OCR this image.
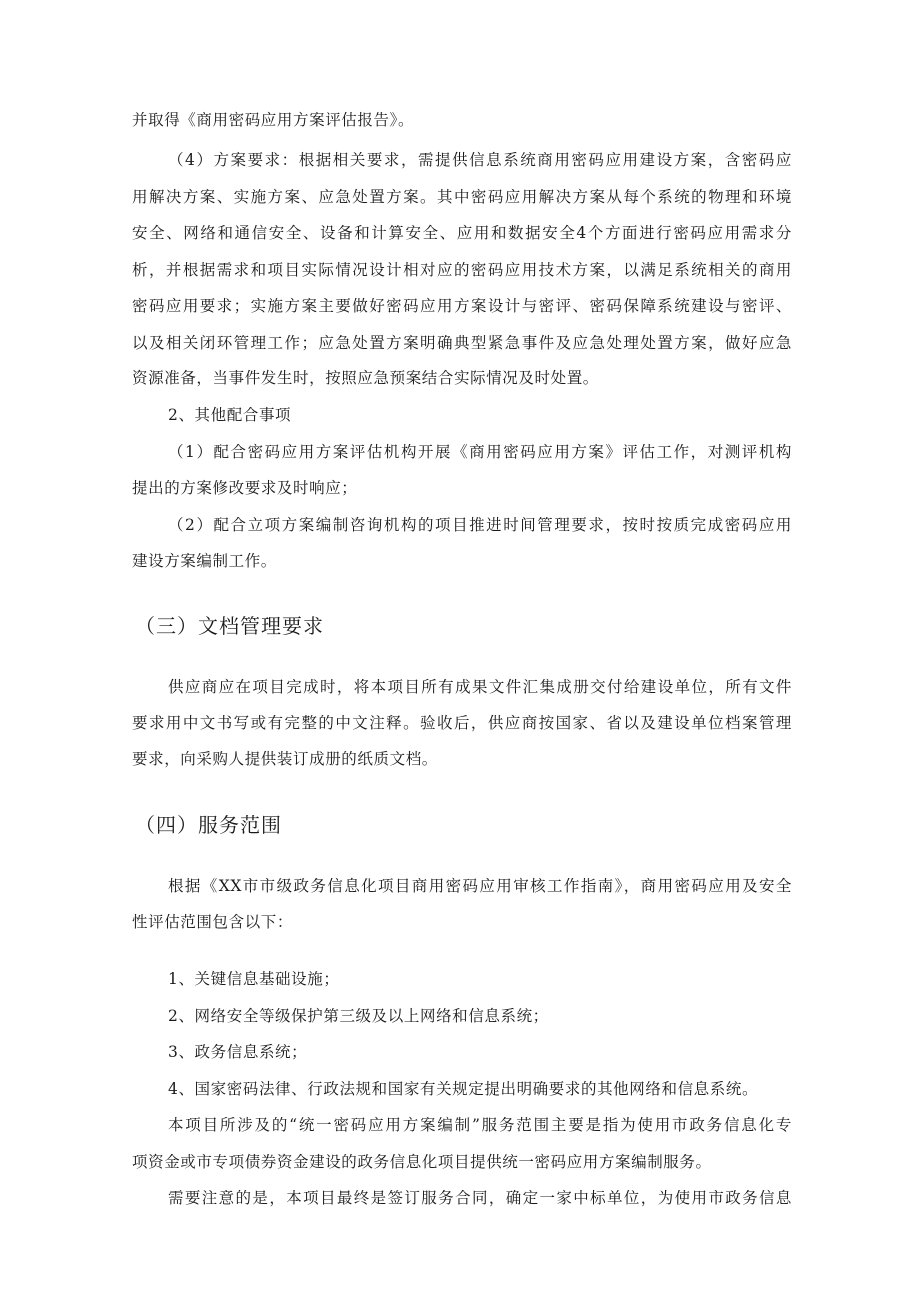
并取得《商用密码应用方案评估报告》。
（4）方案要求：根据相关要求，需提供信息系统商用密码应用建设方案，含密码应
用解决方案、实施方案、应急处置方案。其中密码应用解决方案从每个系统的物理和环境
安全、网络和通信安全、设备和计算安全、应用和数据安全4个方面进行密码应用需求分
析，并根据需求和项目实际情况设计相对应的密码应用技术方案，以满足系统相关的商用
密码应用要求；实施方案主要做好密码应用方案设计与密评、密码保障系统建设与密评、
以及相关闭环管理工作；应急处置方案明确典型紧急事件及应急处理处置方案，做好应急
资源准备，当事件发生时，按照应急预案结合实际情况及时处置。
2、其他配合事项
（1）配合密码应用方案评估机构开展《商用密码应用方案》评估工作，对测评机构
提出的方案修改要求及时响应；
（2）配合立项方案编制咨询机构的项目推进时间管理要求，按时按质完成密码应用
建设方案编制工作。
（三）文档管理要求
供应商应在项目完成时，将本项目所有成果文件汇集成册交付给建设单位，所有文件
要求用中文书写或有完整的中文注释。验收后，供应商按国家、省以及建设单位档案管理
要求，向采购人提供装订成册的纸质文档。
（四）服务范围
根据《XX市市级政务信息化项目商用密码应用审核工作指南》，商用密码应用及安全
性评估范围包含以下：
1、关键信息基础设施；
2、网络安全等级保护第三级及以上网络和信息系统；
3、政务信息系统；
4、国家密码法律、行政法规和国家有关规定提出明确要求的其他网络和信息系统。
本项目所涉及的“统一密码应用方案编制”服务范围主要是指为使用市政务信息化专
项资金或市专项债券资金建设的政务信息化项目提供统一密码应用方案编制服务。
需要注意的是，本项目最终是签订服务合同，确定一家中标单位，为使用市政务信息
